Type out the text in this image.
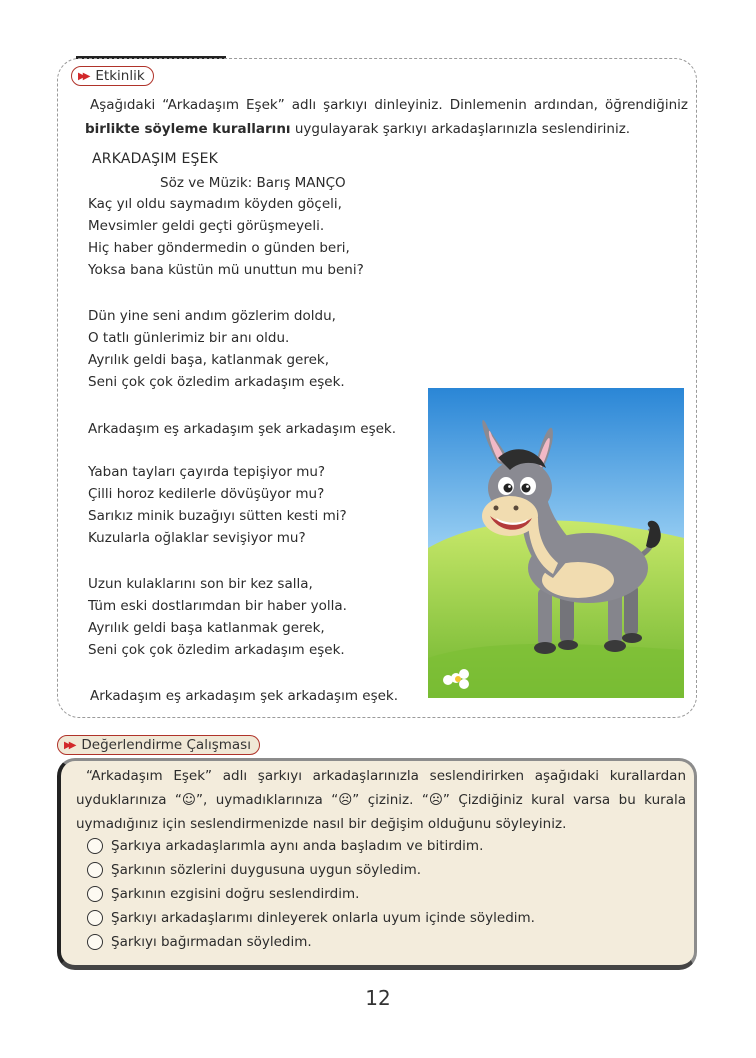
▶▶ Etkinlik
Aşağıdaki “Arkadaşım Eşek” adlı şarkıyı dinleyiniz. Dinlemenin ardından, öğrendiğiniz birlikte söyleme kurallarını uygulayarak şarkıyı arkadaşlarınızla seslendiriniz.
ARKADAŞIM EŞEK
Söz ve Müzik: Barış MANÇO
Kaç yıl oldu saymadım köyden göçeli,
Mevsimler geldi geçti görüşmeyeli.
Hiç haber göndermedin o günden beri,
Yoksa bana küstün mü unuttun mu beni?
Dün yine seni andım gözlerim doldu,
O tatlı günlerimiz bir anı oldu.
Ayrılık geldi başa, katlanmak gerek,
Seni çok çok özledim arkadaşım eşek.
Arkadaşım eş arkadaşım şek arkadaşım eşek.
Yaban tayları çayırda tepişiyor mu?
Çilli horoz kedilerle dövüşüyor mu?
Sarıkız minik buzağıyı sütten kesti mi?
Kuzularla oğlaklar sevişiyor mu?
Uzun kulaklarını son bir kez salla,
Tüm eski dostlarımdan bir haber yolla.
Ayrılık geldi başa katlanmak gerek,
Seni çok çok özledim arkadaşım eşek.
Arkadaşım eş arkadaşım şek arkadaşım eşek.
▶▶ Değerlendirme Çalışması
“Arkadaşım Eşek” adlı şarkıyı arkadaşlarınızla seslendirirken aşağıdaki kurallardan uyduklarınıza “☺”, uymadıklarınıza “☹” çiziniz. “☹” Çizdiğiniz kural varsa bu kurala uymadığınız için seslendirmenizde nasıl bir değişim olduğunu söyleyiniz.
Şarkıya arkadaşlarımla aynı anda başladım ve bitirdim.
Şarkının sözlerini duygusuna uygun söyledim.
Şarkının ezgisini doğru seslendirdim.
Şarkıyı arkadaşlarımı dinleyerek onlarla uyum içinde söyledim.
Şarkıyı bağırmadan söyledim.
12
